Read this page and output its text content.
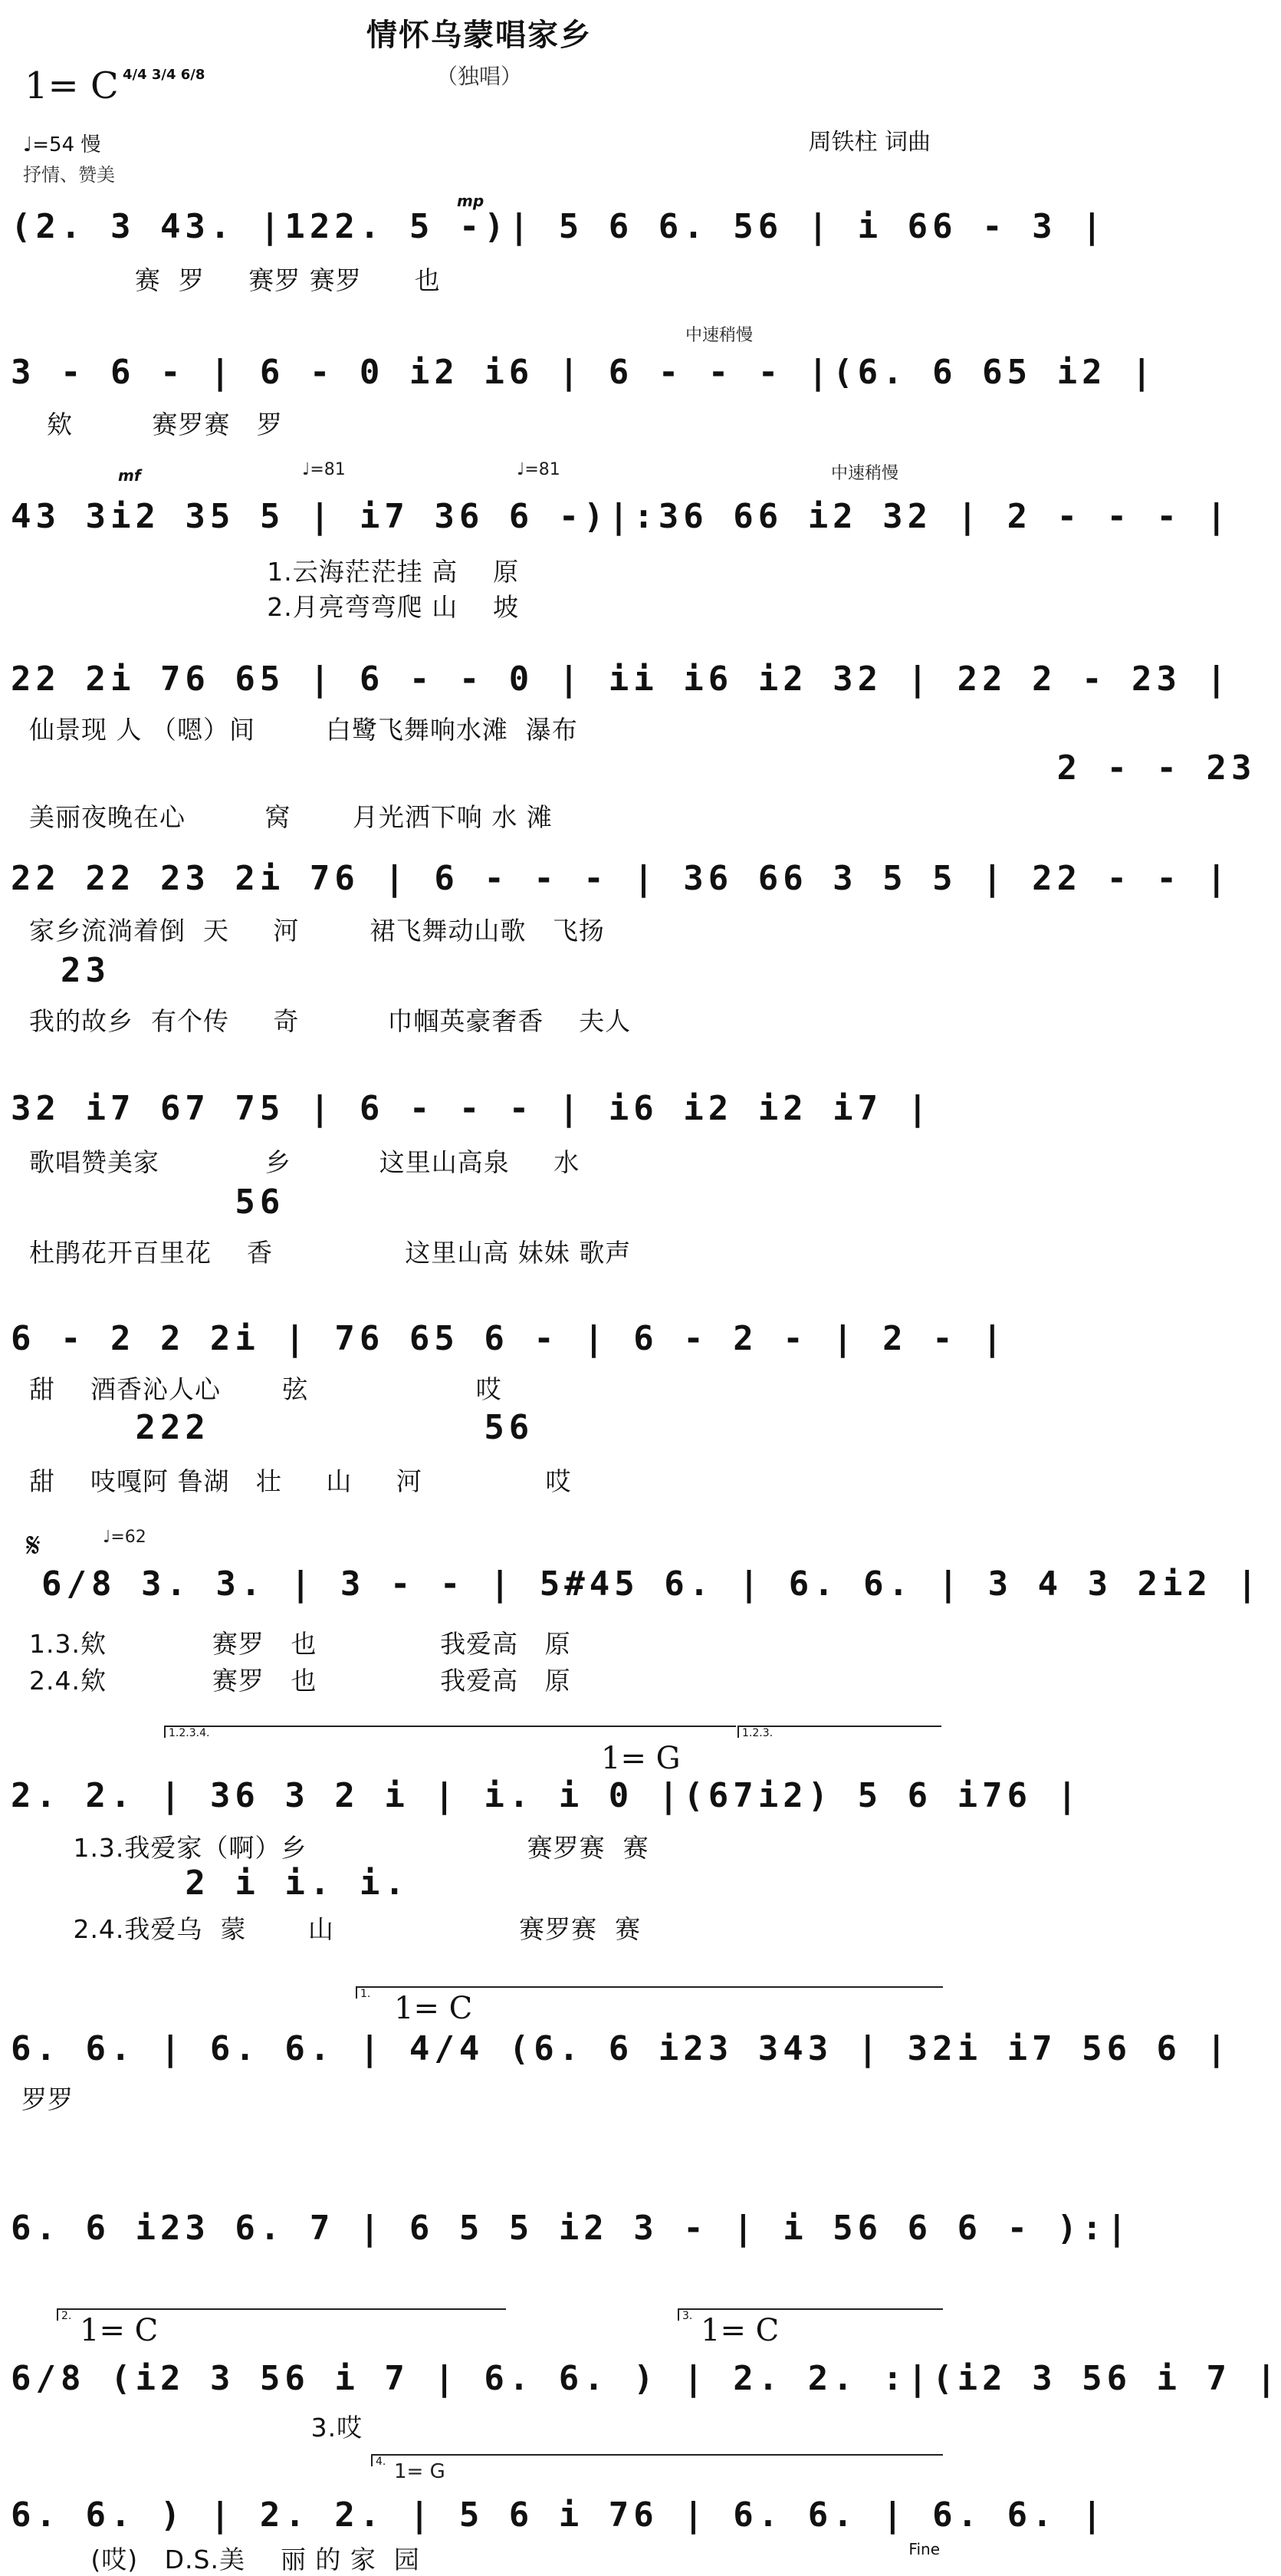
情怀乌蒙唱家乡
（独唱）
1= C 4/4 3/4 6/8
♩=54 慢
抒情、赞美
周铁柱 词曲
mp
(2. 3 43. |122. 5 -)| 5 6 6. 56 | i 66 - 3 |
赛  罗     赛罗 赛罗      也
中速稍慢
3 - 6 - | 6 - 0 i2 i6 | 6 - - - |(6. 6 65 i2 |
欸         赛罗赛   罗
mf	♩=81	♩=81	中速稍慢
43 3i2 35 5 | i7 36 6 -)|:36 66 i2 32 | 2 - - - |
1.云海茫茫挂 高    原
2.月亮弯弯爬 山    坡
22 2i 76 65 | 6 - - 0 | ii i6 i2 32 | 22 2 - 23 |
仙景现 人 （嗯）间        白鹭飞舞响水滩  瀑布
2 - - 23
美丽夜晚在心         窝       月光洒下响 水 滩
22 22 23 2i 76 | 6 - - - | 36 66 3 5 5 | 22 - - |
家乡流淌着倒  天     河        裙飞舞动山歌   飞扬
23
我的故乡  有个传     奇          巾帼英豪奢香    夫人
32 i7 67 75 | 6 - - - | i6 i2 i2 i7 |
歌唱赞美家            乡          这里山高泉     水
56
杜鹃花开百里花    香               这里山高 妹妹 歌声
6 - 2 2 2i | 76 65 6 - | 6 - 2 - | 2 - |
甜    酒香沁人心       弦                   哎
222           56
甜    吱嘎阿 鲁湖   壮     山     河              哎
𝄋	♩=62
6/8 3. 3. | 3 - - | 5#45 6. | 6. 6. | 3 4 3 2i2 |
1.3.欸            赛罗   也              我爱高   原
2.4.欸            赛罗   也              我爱高   原
1.2.3.4.	1.2.3.
1= G
2. 2. | 36 3 2 i | i. i 0 |(67i2) 5 6 i76 |
1.3.我爱家（啊）乡                         赛罗赛  赛
2 i i. i.
2.4.我爱乌  蒙       山                     赛罗赛  赛
1. 1= C
6. 6. | 6. 6. | 4/4 (6. 6 i23 343 | 32i i7 56 6 |
罗罗
6. 6 i23 6. 7 | 6 5 5 i2 3 - | i 56 6 6 - ):|
2.	3.
1= C	1= C
6/8 (i2 3 56 i 7 | 6. 6. ) | 2. 2. :|(i2 3 56 i 7 |
3.哎
4. 1= G
6. 6. ) | 2. 2. | 5 6 i 76 | 6. 6. | 6. 6. |
(哎)   D.S.美    丽 的 家  园	Fine
